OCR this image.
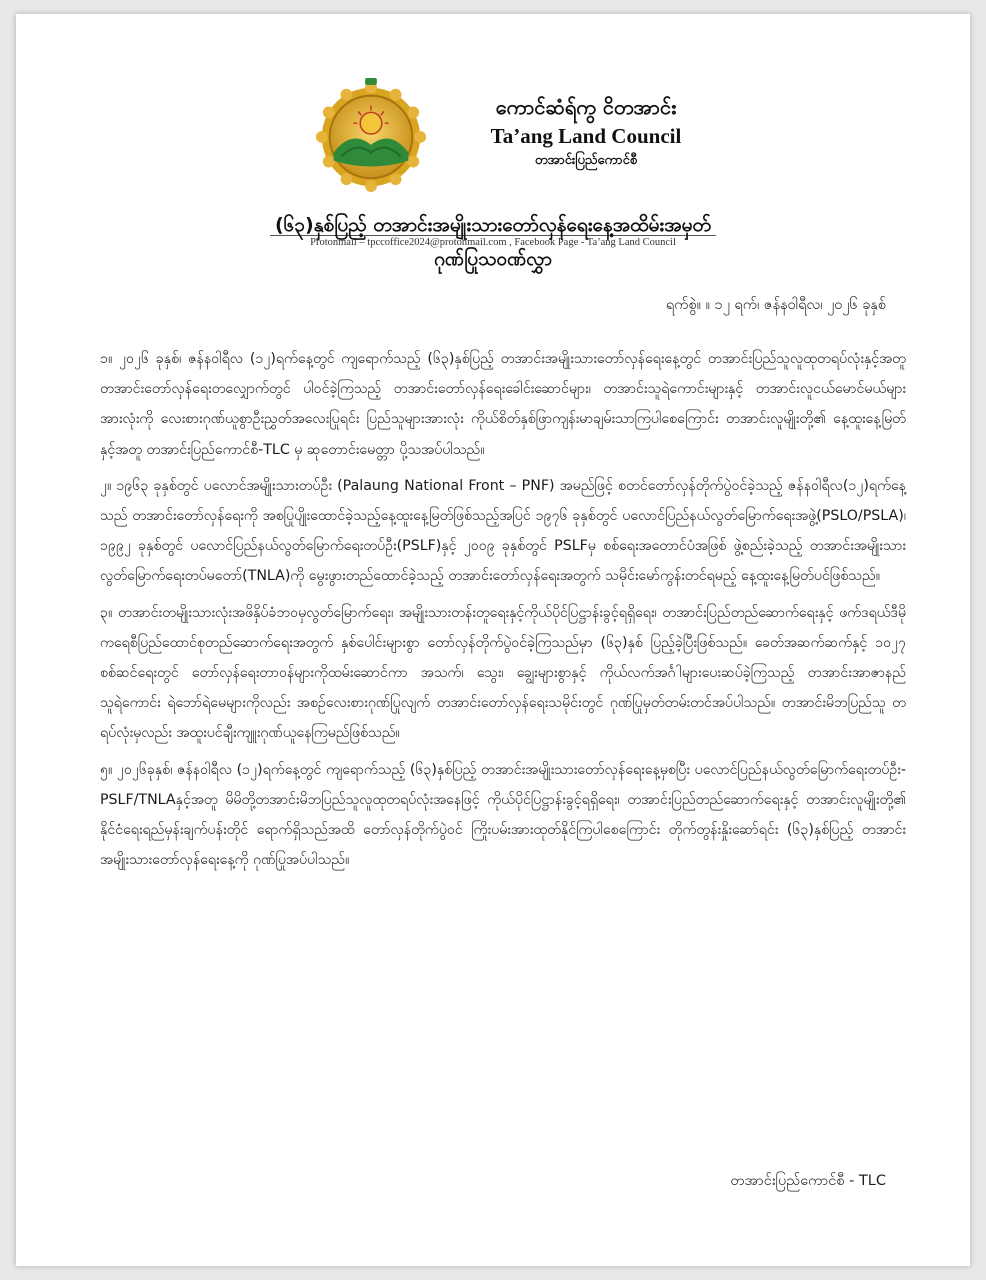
ကောင်ဆံရ်ကွ ငိတအာင်း
Ta’ang Land Council
တအာင်းပြည်ကောင်စီ
Protonmail – tpccoffice2024@protonmail.com , Facebook Page - Ta’ang Land Council
(၆၃)နှစ်ပြည့် တအာင်းအမျိုးသားတော်လှန်ရေးနေ့အထိမ်းအမှတ်
ဂုဏ်ပြုသဝဏ်လွှာ
ရက်စွဲ။ ။ ၁၂ ရက်၊ ဇန်နဝါရီလ၊ ၂၀၂၆ ခုနှစ်

၁။ ၂၀၂၆ ခုနှစ်၊ ဇန်နဝါရီလ (၁၂)ရက်နေ့တွင် ကျရောက်သည့် (၆၃)နှစ်ပြည့် တအာင်းအမျိုးသားတော်လှန်ရေးနေ့တွင် တအာင်းပြည်သူလူထုတရပ်လုံးနှင့်အတူ တအာင်းတော်လှန်ရေးတလျှောက်တွင် ပါဝင်ခဲ့ကြသည့် တအာင်းတော်လှန်ရေးခေါင်းဆောင်များ၊ တအာင်းသူရဲကောင်းများနှင့် တအာင်းလူငယ်မောင်မယ်များအားလုံးကို လေးစားဂုဏ်ယူစွာဦးညွှတ်အလေးပြုရင်း ပြည်သူများအားလုံး ကိုယ်စိတ်နှစ်ဖြာကျန်းမာချမ်းသာကြပါစေကြောင်း တအာင်းလူမျိုးတို့၏ နေ့ထူးနေ့မြတ်နှင့်အတူ တအာင်းပြည်ကောင်စီ-TLC မှ ဆုတောင်းမေတ္တာ ပို့သအပ်ပါသည်။

၂။ ၁၉၆၃ ခုနှစ်တွင် ပလောင်အမျိုးသားတပ်ဦး (Palaung National Front – PNF) အမည်ဖြင့် စတင်တော်လှန်တိုက်ပွဲဝင်ခဲ့သည့် ဇန်နဝါရီလ(၁၂)ရက်နေ့သည် တအာင်းတော်လှန်ရေးကို အစပြုပျိုးထောင်ခဲ့သည့်နေ့ထူးနေ့မြတ်ဖြစ်သည့်အပြင် ၁၉၇၆ ခုနှစ်တွင် ပလောင်ပြည်နယ်လွတ်မြောက်ရေးအဖွဲ့(PSLO/PSLA)၊ ၁၉၉၂ ခုနှစ်တွင် ပလောင်ပြည်နယ်လွတ်မြောက်ရေးတပ်ဦး(PSLF)နှင့် ၂၀၀၉ ခုနှစ်တွင် PSLFမှ စစ်ရေးအတောင်ပံအဖြစ် ဖွဲ့စည်းခဲ့သည့် တအာင်းအမျိုးသားလွတ်မြောက်ရေးတပ်မတော်(TNLA)ကို မွေးဖွားတည်ထောင်ခဲ့သည့် တအာင်းတော်လှန်ရေးအတွက် သမိုင်းမော်ကွန်းတင်ရမည့် နေ့ထူးနေ့မြတ်ပင်ဖြစ်သည်။

၃။ တအာင်းတမျိုးသားလုံးအဖိနှိပ်ခံဘဝမှလွတ်မြောက်ရေး၊ အမျိုးသားတန်းတူရေးနှင့်ကိုယ်ပိုင်ပြဋ္ဌာန်းခွင့်ရရှိရေး၊ တအာင်းပြည်တည်ဆောက်ရေးနှင့် ဖက်ဒရယ်ဒီမိုကရေစီပြည်ထောင်စုတည်ဆောက်ရေးအတွက် နှစ်ပေါင်းများစွာ တော်လှန်တိုက်ပွဲဝင်ခဲ့ကြသည်မှာ (၆၃)နှစ် ပြည့်ခဲ့ပြီးဖြစ်သည်။ ခေတ်အဆက်ဆက်နှင့် ၁၀၂၇ စစ်ဆင်ရေးတွင် တော်လှန်ရေးတာဝန်များကိုထမ်းဆောင်ကာ အသက်၊ သွေး၊ ချွေးများစွာနှင့် ကိုယ်လက်အင်္ဂါများပေးဆပ်ခဲ့ကြသည့် တအာင်းအာဇာနည်သူရဲကောင်း ရဲဘော်ရဲမေများကိုလည်း အစဉ်လေးစားဂုဏ်ပြုလျက် တအာင်းတော်လှန်ရေးသမိုင်းတွင် ဂုဏ်ပြုမှတ်တမ်းတင်အပ်ပါသည်။ တအာင်းမိဘပြည်သူ တရပ်လုံးမှလည်း အထူးပင်ချီးကျူးဂုဏ်ယူနေကြမည်ဖြစ်သည်။

၅။ ၂၀၂၆ခုနှစ်၊ ဇန်နဝါရီလ (၁၂)ရက်နေ့တွင် ကျရောက်သည့် (၆၃)နှစ်ပြည့် တအာင်းအမျိုးသားတော်လှန်ရေးနေ့မှစပြီး ပလောင်ပြည်နယ်လွတ်မြောက်ရေးတပ်ဦး-PSLF/TNLAနှင့်အတူ မိမိတို့တအာင်းမိဘပြည်သူလူထုတရပ်လုံးအနေဖြင့် ကိုယ်ပိုင်ပြဋ္ဌာန်းခွင့်ရရှိရေး၊ တအာင်းပြည်တည်ဆောက်ရေးနှင့် တအာင်းလူမျိုးတို့၏ နိုင်ငံရေးရည်မှန်းချက်ပန်းတိုင် ရောက်ရှိသည်အထိ တော်လှန်တိုက်ပွဲဝင် ကြိုးပမ်းအားထုတ်နိုင်ကြပါစေကြောင်း တိုက်တွန်းနှိုးဆော်ရင်း (၆၃)နှစ်ပြည့် တအာင်းအမျိုးသားတော်လှန်ရေးနေ့ကို ဂုဏ်ပြုအပ်ပါသည်။

တအာင်းပြည်ကောင်စီ - TLC
